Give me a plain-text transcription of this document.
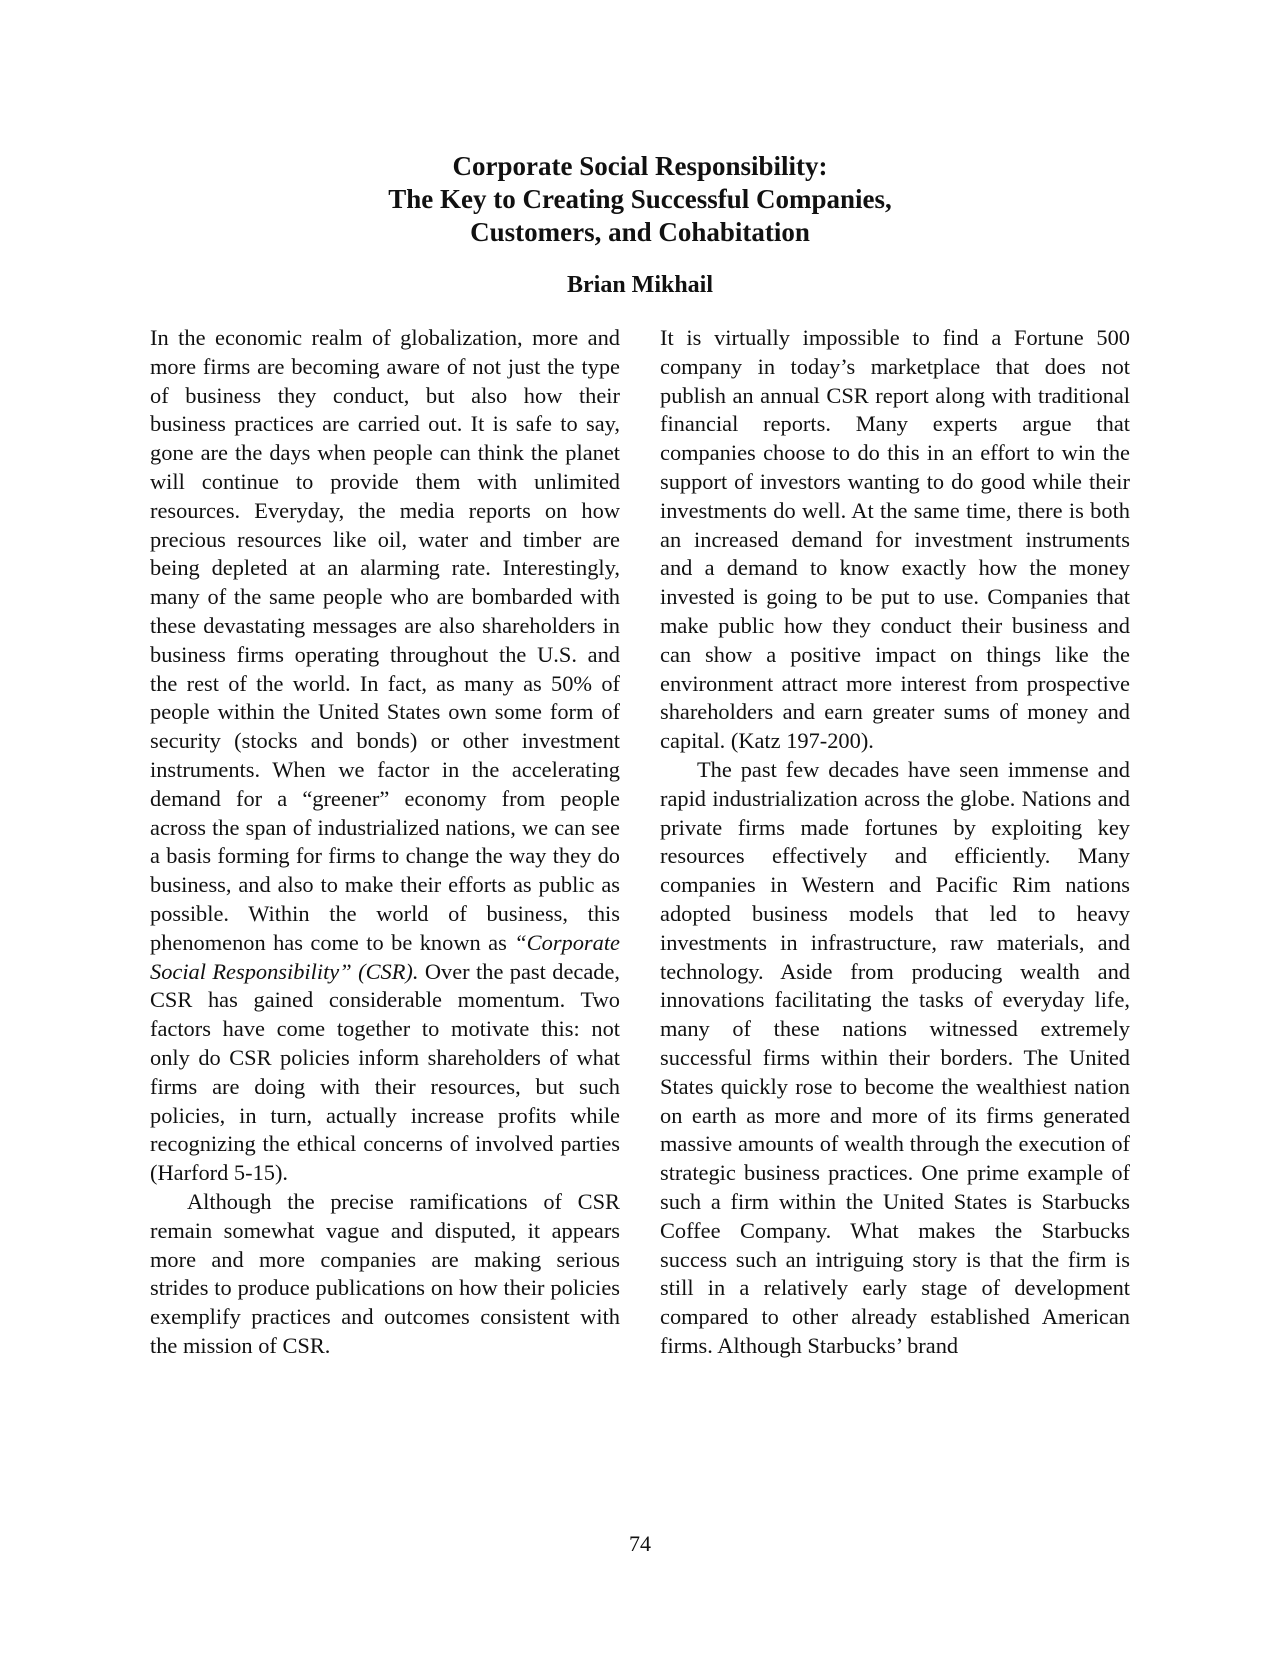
Corporate Social Responsibility:
The Key to Creating Successful Companies,
Customers, and Cohabitation
Brian Mikhail

In the economic realm of globalization, more and more firms are becoming aware of not just the type of business they conduct, but also how their business practices are carried out. It is safe to say, gone are the days when people can think the planet will continue to provide them with unlimited resources. Everyday, the media reports on how precious resources like oil, water and timber are being depleted at an alarming rate. Interestingly, many of the same people who are bombarded with these devastating messages are also shareholders in business firms operating throughout the U.S. and the rest of the world. In fact, as many as 50% of people within the United States own some form of security (stocks and bonds) or other investment instruments. When we factor in the accelerating demand for a “greener” economy from people across the span of industrialized nations, we can see a basis forming for firms to change the way they do business, and also to make their efforts as public as possible. Within the world of business, this phenomenon has come to be known as “Corporate Social Responsibility” (CSR). Over the past decade, CSR has gained considerable momentum. Two factors have come together to motivate this: not only do CSR policies inform shareholders of what firms are doing with their resources, but such policies, in turn, actually increase profits while recognizing the ethical concerns of involved parties (Harford 5-15).

Although the precise ramifications of CSR remain somewhat vague and disputed, it appears more and more companies are making serious strides to produce publications on how their policies exemplify practices and outcomes consistent with the mission of CSR.

It is virtually impossible to find a Fortune 500 company in today’s marketplace that does not publish an annual CSR report along with traditional financial reports. Many experts argue that companies choose to do this in an effort to win the support of investors wanting to do good while their investments do well. At the same time, there is both an increased demand for investment instruments and a demand to know exactly how the money invested is going to be put to use. Companies that make public how they conduct their business and can show a positive impact on things like the environment attract more interest from prospective shareholders and earn greater sums of money and capital. (Katz 197-200).

The past few decades have seen immense and rapid industrialization across the globe. Nations and private firms made fortunes by exploiting key resources effectively and efficiently. Many companies in Western and Pacific Rim nations adopted business models that led to heavy investments in infrastructure, raw materials, and technology. Aside from producing wealth and innovations facilitating the tasks of everyday life, many of these nations witnessed extremely successful firms within their borders. The United States quickly rose to become the wealthiest nation on earth as more and more of its firms generated massive amounts of wealth through the execution of strategic business practices. One prime example of such a firm within the United States is Starbucks Coffee Company. What makes the Starbucks success such an intriguing story is that the firm is still in a relatively early stage of development compared to other already established American firms. Although Starbucks’ brand

74
